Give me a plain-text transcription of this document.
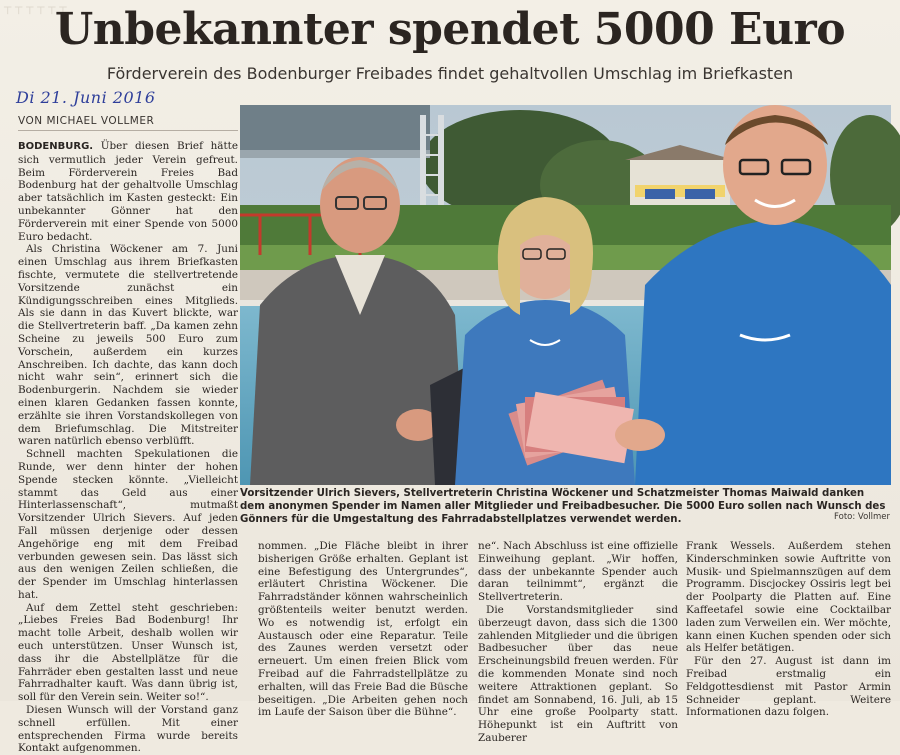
┬ ┬ ┬ ┬ ┬ ┬
Unbekannter spendet 5000 Euro
Förderverein des Bodenburger Freibades findet gehaltvollen Umschlag im Briefkasten
Di 21. Juni 2016
VON MICHAEL VOLLMER

BODENBURG. Über diesen Brief hätte sich vermutlich jeder Verein gefreut. Beim Förderverein Freies Bad Bodenburg hat der gehaltvolle Umschlag aber tatsächlich im Kasten gesteckt: Ein unbekannter Gönner hat den Förderverein mit einer Spende von 5000 Euro bedacht.

Als Christina Wöckener am 7. Juni einen Umschlag aus ihrem Briefkasten fischte, vermutete die stellvertretende Vorsitzende zunächst ein Kündigungsschreiben eines Mitglieds. Als sie dann in das Kuvert blickte, war die Stellvertreterin baff. „Da kamen zehn Scheine zu jeweils 500 Euro zum Vorschein, außerdem ein kurzes Anschreiben. Ich dachte, das kann doch nicht wahr sein“, erinnert sich die Bodenburgerin. Nachdem sie wieder einen klaren Gedanken fassen konnte, erzählte sie ihren Vorstandskollegen von dem Briefumschlag. Die Mitstreiter waren natürlich ebenso verblüfft.

Schnell machten Spekulationen die Runde, wer denn hinter der hohen Spende stecken könnte. „Vielleicht stammt das Geld aus einer Hinterlassenschaft“, mutmaßt Vorsitzender Ulrich Sievers. Auf jeden Fall müssen derjenige oder dessen Angehörige eng mit dem Freibad verbunden gewesen sein. Das lässt sich aus den wenigen Zeilen schließen, die der Spender im Umschlag hinterlassen hat.

Auf dem Zettel steht geschrieben: „Liebes Freies Bad Bodenburg! Ihr macht tolle Arbeit, deshalb wollen wir euch unterstützen. Unser Wunsch ist, dass ihr die Abstellplätze für die Fahrräder eben gestalten lasst und neue Fahrradhalter kauft. Was dann übrig ist, soll für den Verein sein. Weiter so!“.

Diesen Wunsch will der Vorstand ganz schnell erfüllen. Mit einer entsprechenden Firma wurde bereits Kontakt aufgenommen.

Vorsitzender Ulrich Sievers, Stellvertreterin Christina Wöckener und Schatzmeister Thomas Maiwald danken dem anonymen Spender im Namen aller Mitglieder und Freibadbesucher. Die 5000 Euro sollen nach Wunsch des Gönners für die Umgestaltung des Fahrradabstellplatzes verwendet werden.	Foto: Vollmer

nommen. „Die Fläche bleibt in ihrer bisherigen Größe erhalten. Geplant ist eine Befestigung des Untergrundes“, erläutert Christina Wöckener. Die Fahrradständer können wahrscheinlich größtenteils weiter benutzt werden. Wo es notwendig ist, erfolgt ein Austausch oder eine Reparatur. Teile des Zaunes werden versetzt oder erneuert. Um einen freien Blick vom Freibad auf die Fahrradstellplätze zu erhalten, will das Freie Bad die Büsche beseitigen. „Die Arbeiten gehen noch im Laufe der Saison über die Bühne“.

ne“. Nach Abschluss ist eine offizielle Einweihung geplant. „Wir hoffen, dass der unbekannte Spender auch daran teilnimmt“, ergänzt die Stellvertreterin.

Die Vorstandsmitglieder sind überzeugt davon, dass sich die 1300 zahlenden Mitglieder und die übrigen Badbesucher über das neue Erscheinungsbild freuen werden. Für die kommenden Monate sind noch weitere Attraktionen geplant. So findet am Sonnabend, 16. Juli, ab 15 Uhr eine große Poolparty statt. Höhepunkt ist ein Auftritt von Zauberer

Frank Wessels. Außerdem stehen Kinderschminken sowie Auftritte von Musik- und Spielmannszügen auf dem Programm. Discjockey Ossiris legt bei der Poolparty die Platten auf. Eine Kaffeetafel sowie eine Cocktailbar laden zum Verweilen ein. Wer möchte, kann einen Kuchen spenden oder sich als Helfer betätigen.

Für den 27. August ist dann im Freibad erstmalig ein Feldgottesdienst mit Pastor Armin Schneider geplant. Weitere Informationen dazu folgen.
